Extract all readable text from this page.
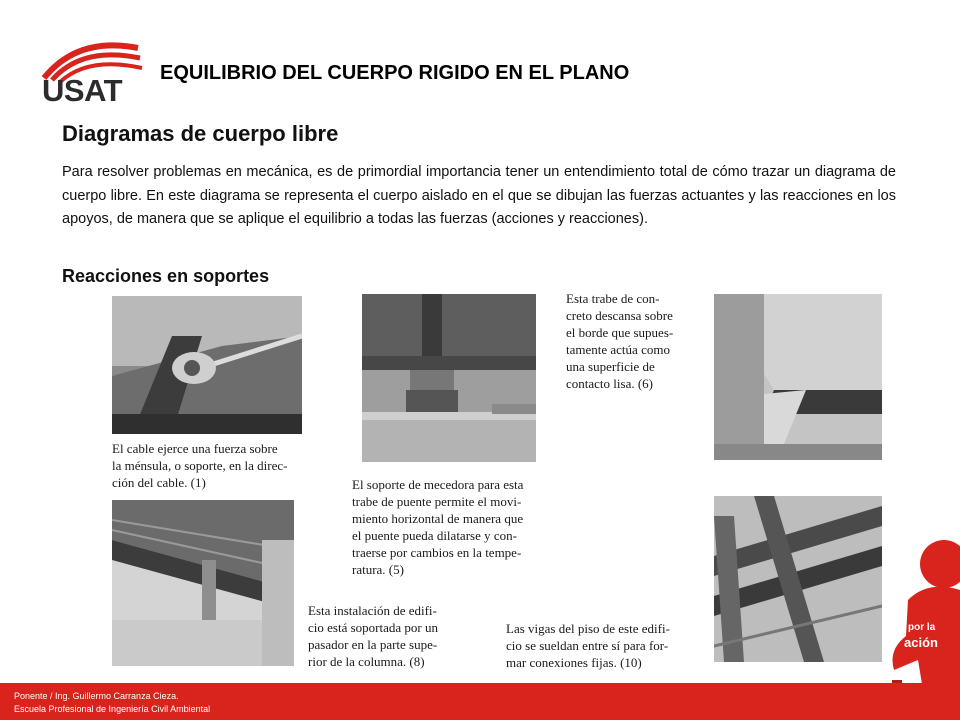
USAT EQUILIBRIO DEL CUERPO RIGIDO EN EL PLANO
Diagramas de cuerpo libre
Para resolver problemas en mecánica, es de primordial importancia tener un entendimiento total de cómo trazar un diagrama de cuerpo libre. En este diagrama se representa el cuerpo aislado en el que se dibujan las fuerzas actuantes y las reacciones en los apoyos, de manera que se aplique el equilibrio a todas las fuerzas (acciones y reacciones).
Reacciones en soportes
El cable ejerce una fuerza sobre
la ménsula, o soporte, en la direc-
ción del cable. (1)	El soporte de mecedora para esta
trabe de puente permite el movi-
miento horizontal de manera que
el puente pueda dilatarse y con-
traerse por cambios en la tempe-
ratura. (5)
Esta trabe de con-
creto descansa sobre
el borde que supues-
tamente actúa como
una superficie de
contacto lisa. (6)
Esta instalación de edifi-
cio está soportada por un
pasador en la parte supe-
rior de la columna. (8)
Las vigas del piso de este edifi-
cio se sueldan entre sí para for-
mar conexiones fijas. (10)
por la
ación
Ponente / Ing. Guillermo Carranza Cieza.
Escuela Profesional de Ingeniería Civil Ambiental
